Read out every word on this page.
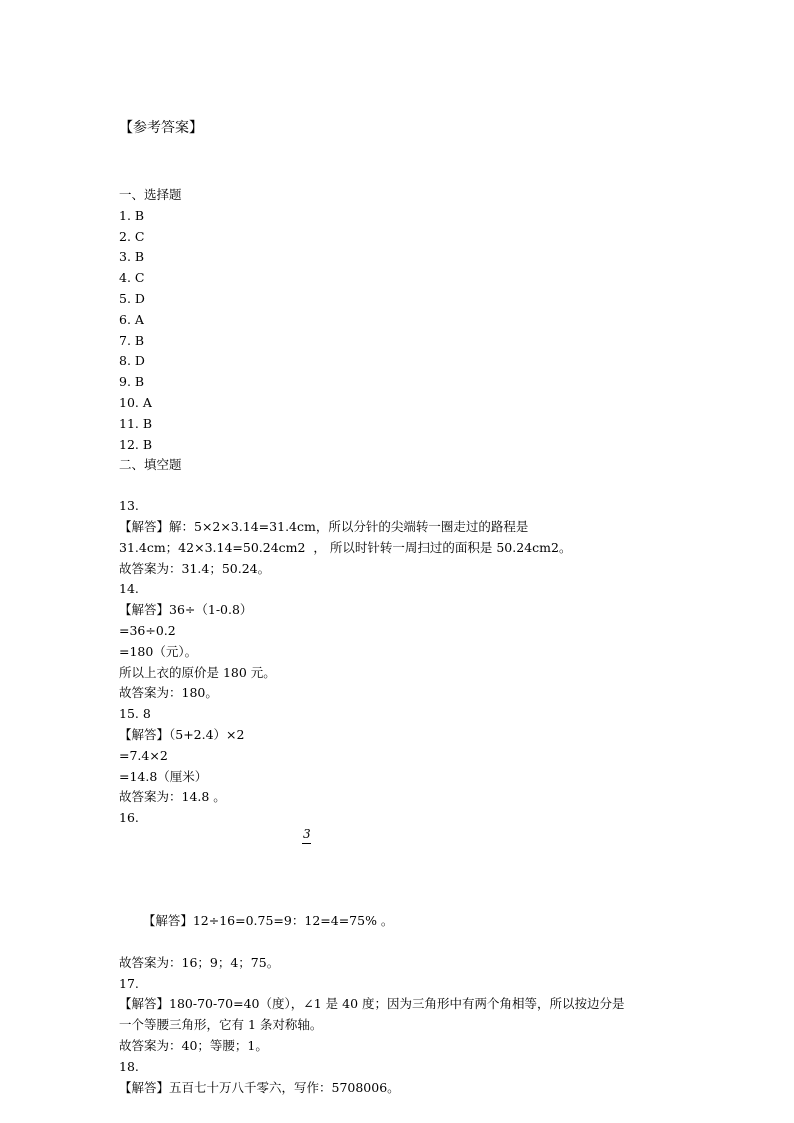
【参考答案】
一、选择题
1. B
2. C
3. B
4. C
5. D
6. A
7. B
8. D
9. B
10. A
11. B
12. B
二、填空题
13.
【解答】解：5×2×3.14=31.4cm，所以分针的尖端转一圈走过的路程是
31.4cm；42×3.14=50.24cm2  ， 所以时针转一周扫过的面积是 50.24cm2。
故答案为：31.4；50.24。
14.
【解答】36÷（1-0.8）
=36÷0.2
=180（元）。
所以上衣的原价是 180 元。
故答案为：180。
15. 8
【解答】（5+2.4）×2
=7.4×2
=14.8（厘米）
故答案为：14.8 。
16.

3

【解答】12÷16=0.75=9：12=4=75% 。

故答案为：16；9；4；75。
17.
【解答】180-70-70=40（度），∠1 是 40 度；因为三角形中有两个角相等，所以按边分是
一个等腰三角形，它有 1 条对称轴。
故答案为：40；等腰；1。
18.
【解答】五百七十万八千零六，写作：5708006。
